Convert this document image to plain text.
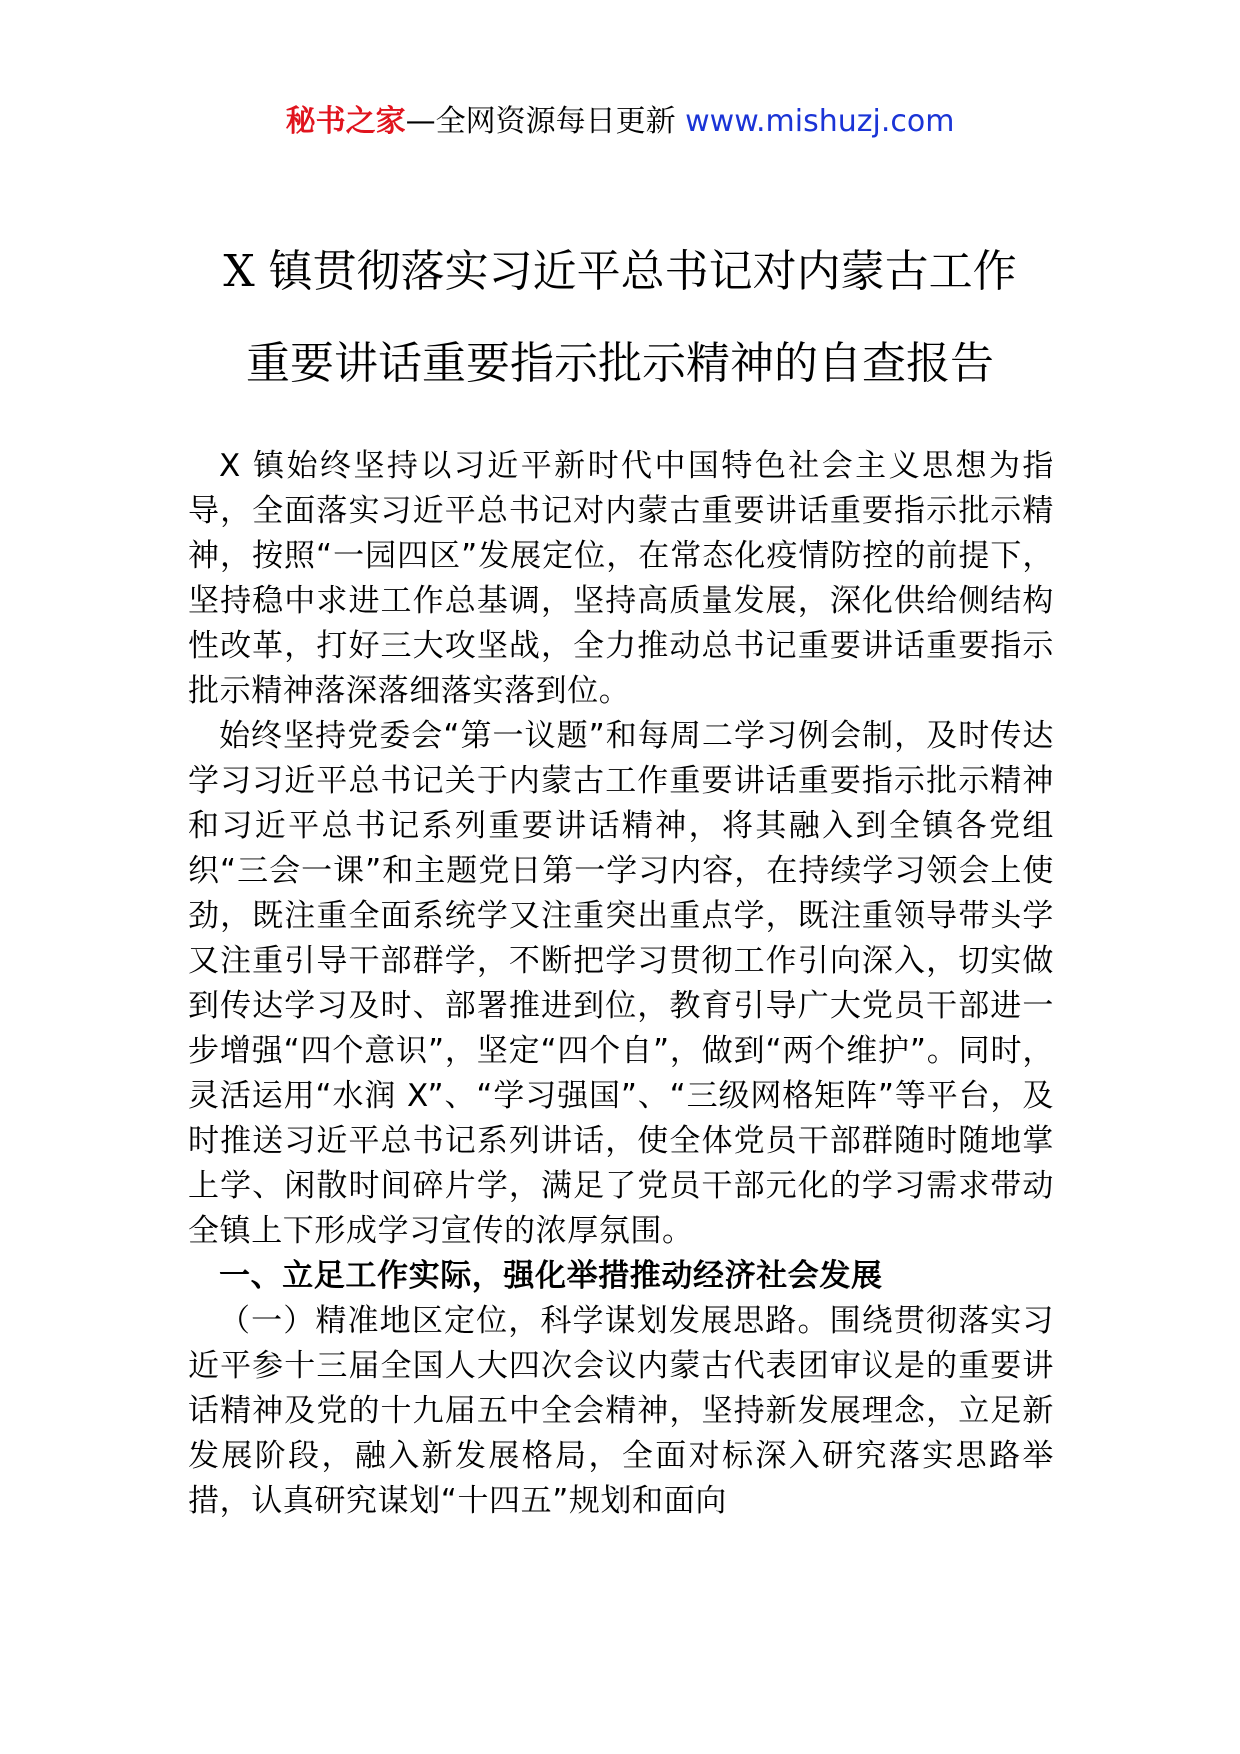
秘书之家—全网资源每日更新 www.mishuzj.com
X 镇贯彻落实习近平总书记对内蒙古工作
重要讲话重要指示批示精神的自查报告

X 镇始终坚持以习近平新时代中国特色社会主义思想为指导，全面落实习近平总书记对内蒙古重要讲话重要指示批示精神，按照“一园四区”发展定位，在常态化疫情防控的前提下，坚持稳中求进工作总基调，坚持高质量发展，深化供给侧结构性改革，打好三大攻坚战，全力推动总书记重要讲话重要指示批示精神落深落细落实落到位。

始终坚持党委会“第一议题”和每周二学习例会制，及时传达学习习近平总书记关于内蒙古工作重要讲话重要指示批示精神和习近平总书记系列重要讲话精神，将其融入到全镇各党组织“三会一课”和主题党日第一学习内容，在持续学习领会上使劲，既注重全面系统学又注重突出重点学，既注重领导带头学又注重引导干部群学，不断把学习贯彻工作引向深入，切实做到传达学习及时、部署推进到位，教育引导广大党员干部进一步增强“四个意识”，坚定“四个自”，做到“两个维护”。同时，灵活运用“水润 X”、“学习强国”、“三级网格矩阵”等平台，及时推送习近平总书记系列讲话，使全体党员干部群随时随地掌上学、闲散时间碎片学，满足了党员干部元化的学习需求带动全镇上下形成学习宣传的浓厚氛围。

一、立足工作实际，强化举措推动经济社会发展

（一）精准地区定位，科学谋划发展思路。围绕贯彻落实习近平参十三届全国人大四次会议内蒙古代表团审议是的重要讲话精神及党的十九届五中全会精神，坚持新发展理念，立足新发展阶段，融入新发展格局，全面对标深入研究落实思路举措，认真研究谋划“十四五”规划和面向
